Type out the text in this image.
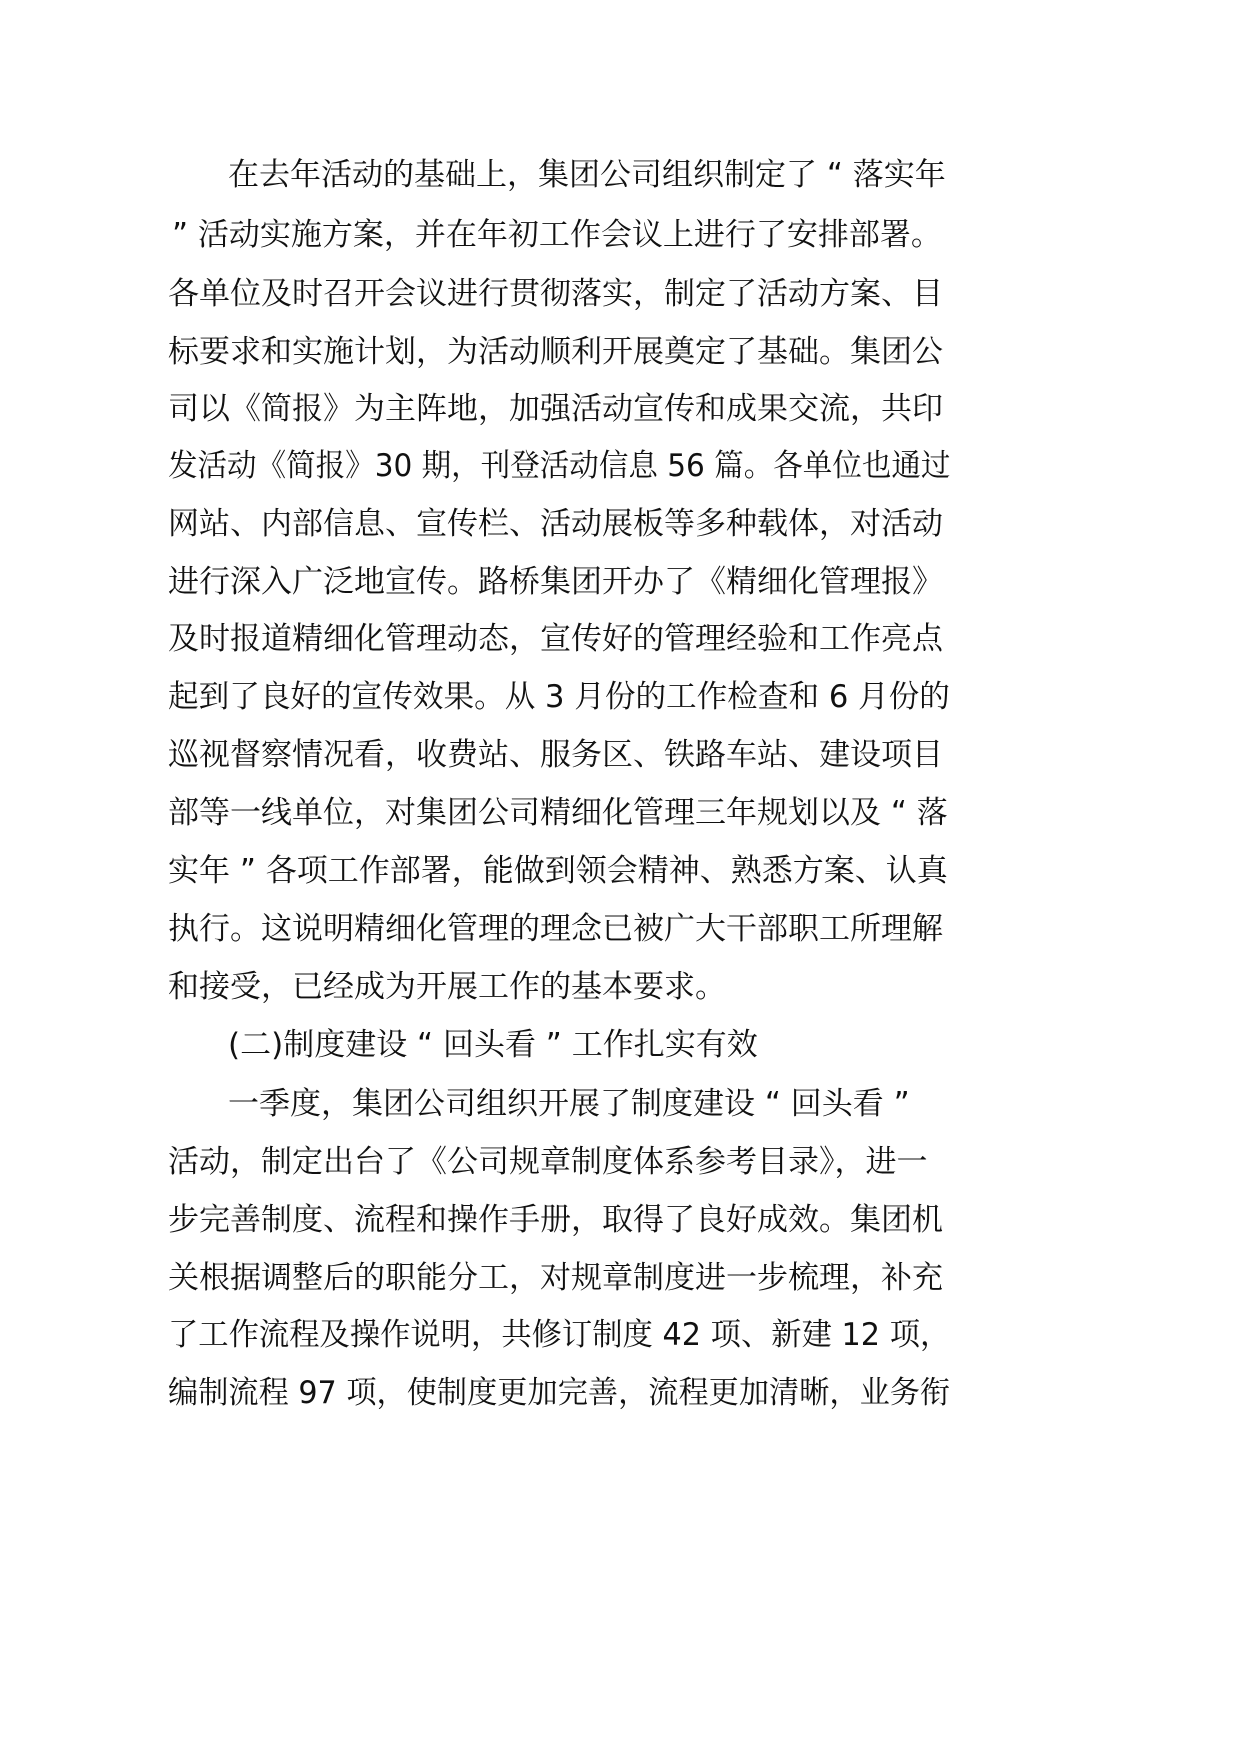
在去年活动的基础上，集团公司组织制定了 “ 落实年
” 活动实施方案，并在年初工作会议上进行了安排部署。
各单位及时召开会议进行贯彻落实，制定了活动方案、目
标要求和实施计划，为活动顺利开展奠定了基础。集团公
司以《简报》为主阵地，加强活动宣传和成果交流，共印
发活动《简报》30 期，刊登活动信息 56 篇。各单位也通过
网站、内部信息、宣传栏、活动展板等多种载体，对活动
进行深入广泛地宣传。路桥集团开办了《精细化管理报》
及时报道精细化管理动态，宣传好的管理经验和工作亮点
起到了良好的宣传效果。从 3 月份的工作检查和 6 月份的
巡视督察情况看，收费站、服务区、铁路车站、建设项目
部等一线单位，对集团公司精细化管理三年规划以及 “ 落
实年 ” 各项工作部署，能做到领会精神、熟悉方案、认真
执行。这说明精细化管理的理念已被广大干部职工所理解
和接受，已经成为开展工作的基本要求。
(二)制度建设 “ 回头看 ” 工作扎实有效
一季度，集团公司组织开展了制度建设 “ 回头看 ”
活动，制定出台了《公司规章制度体系参考目录》，进一
步完善制度、流程和操作手册，取得了良好成效。集团机
关根据调整后的职能分工，对规章制度进一步梳理，补充
了工作流程及操作说明，共修订制度 42 项、新建 12 项，
编制流程 97 项，使制度更加完善，流程更加清晰，业务衔
